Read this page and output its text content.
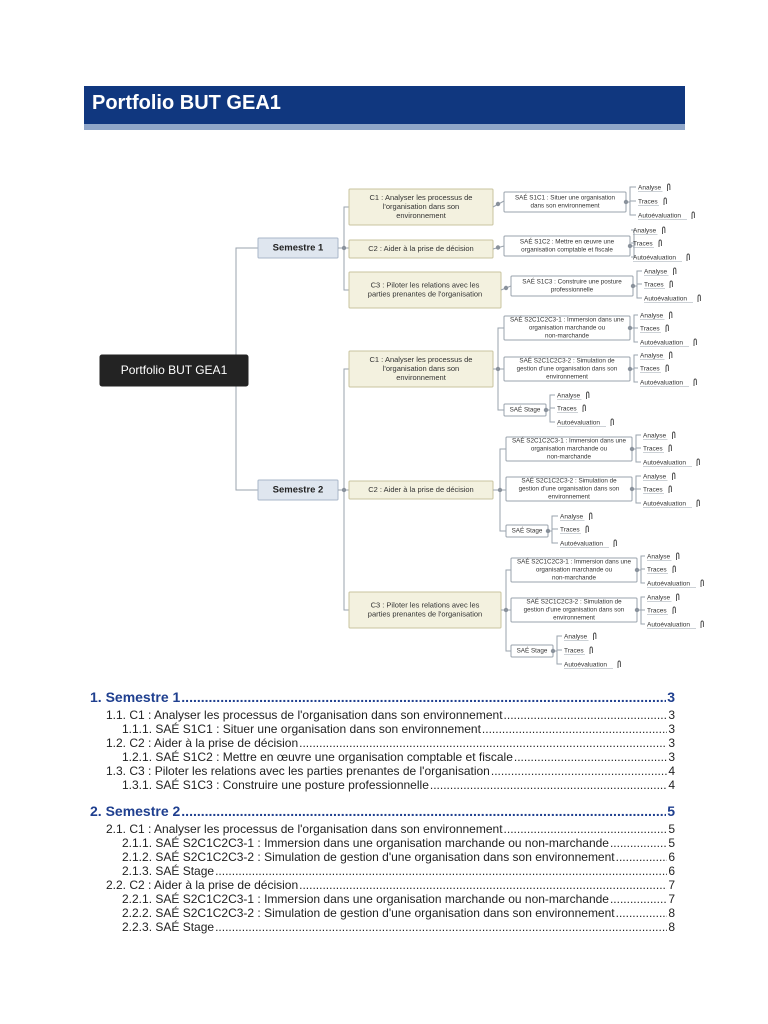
Portfolio BUT GEA1
Portfolio BUT GEA1
Semestre 1
C1 : Analyser les processus de l'organisation dans son environnement
C2 : Aider à la prise de décision
C3 : Piloter les relations avec les parties prenantes de l'organisation
SAÉ S1C1 : Situer une organisation dans son environnement
Analyse
Traces
Autoévaluation
SAÉ S1C2 : Mettre en œuvre une organisation comptable et fiscale
Analyse
Traces
Autoévaluation
SAÉ S1C3 : Construire une posture professionnelle
Analyse
Traces
Autoévaluation
Semestre 2
C1 : Analyser les processus de l'organisation dans son environnement
C2 : Aider à la prise de décision
C3 : Piloter les relations avec les parties prenantes de l'organisation
SAÉ S2C1C2C3-1 : Immersion dans une organisation marchande ou non-marchande
Analyse
Traces
Autoévaluation
SAÉ S2C1C2C3-2 : Simulation de gestion d'une organisation dans son environnement
Analyse
Traces
Autoévaluation
SAÉ Stage
Analyse
Traces
Autoévaluation
SAÉ S2C1C2C3-1 : Immersion dans une organisation marchande ou non-marchande
Analyse
Traces
Autoévaluation
SAÉ S2C1C2C3-2 : Simulation de gestion d'une organisation dans son environnement
Analyse
Traces
Autoévaluation
SAÉ Stage
Analyse
Traces
Autoévaluation
SAÉ S2C1C2C3-1 : Immersion dans une organisation marchande ou non-marchande
Analyse
Traces
Autoévaluation
SAÉ S2C1C2C3-2 : Simulation de gestion d'une organisation dans son environnement
Analyse
Traces
Autoévaluation
SAÉ Stage
Analyse
Traces
Autoévaluation
1. Semestre 1 .....	3
1.1. C1 : Analyser les processus de l'organisation dans son environnement .....	3
1.1.1. SAÉ S1C1 : Situer une organisation dans son environnement .....	3
1.2. C2 : Aider à la prise de décision .....	3
1.2.1. SAÉ S1C2 : Mettre en œuvre une organisation comptable et fiscale .....	3
1.3. C3 : Piloter les relations avec les parties prenantes de l'organisation .....	4
1.3.1. SAÉ S1C3 : Construire une posture professionnelle .....	4
2. Semestre 2 .....	5
2.1. C1 : Analyser les processus de l'organisation dans son environnement .....	5
2.1.1. SAÉ S2C1C2C3-1 : Immersion dans une organisation marchande ou non-marchande .....	5
2.1.2. SAÉ S2C1C2C3-2 : Simulation de gestion d'une organisation dans son environnement .....	6
2.1.3. SAÉ Stage .....	6
2.2. C2 : Aider à la prise de décision .....	7
2.2.1. SAÉ S2C1C2C3-1 : Immersion dans une organisation marchande ou non-marchande .....	7
2.2.2. SAÉ S2C1C2C3-2 : Simulation de gestion d'une organisation dans son environnement .....	8
2.2.3. SAÉ Stage .....	8
